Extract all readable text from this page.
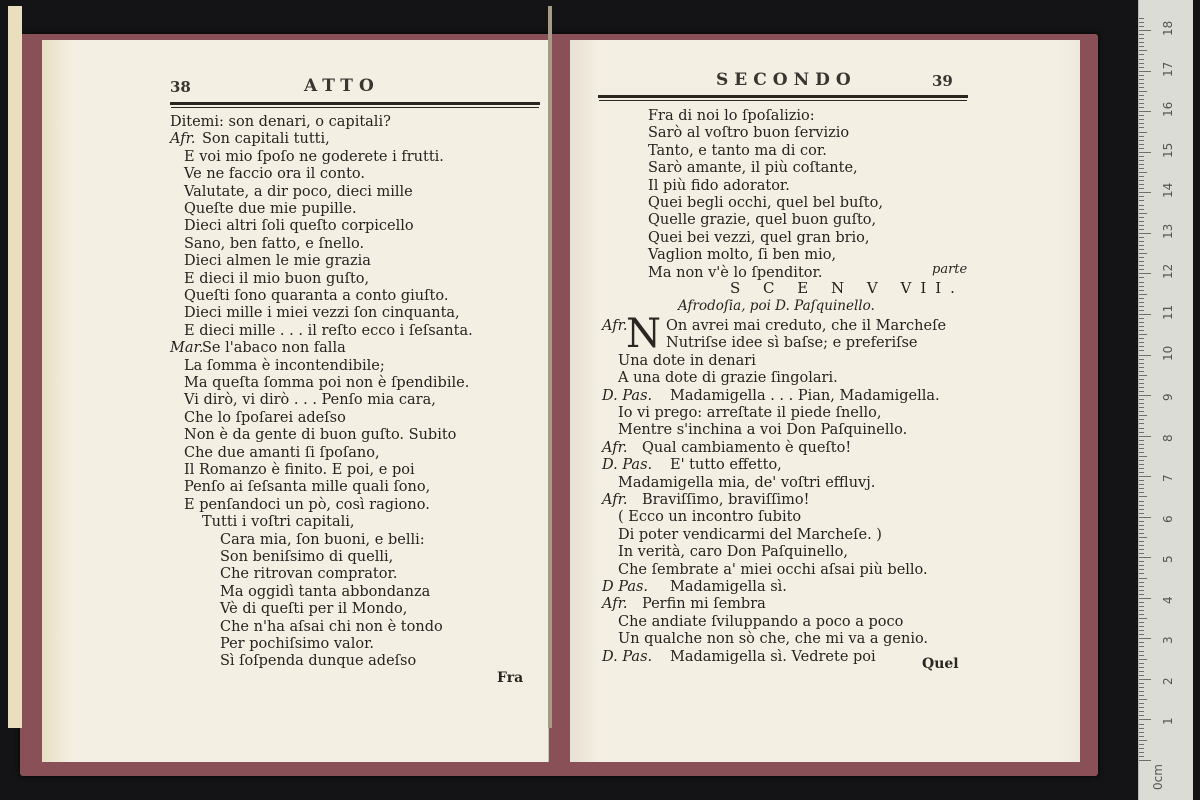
38	ATTO
Ditemi: son denari, o capitali?
Afr. Son capitali tutti,
E voi mio ſpoſo ne goderete i frutti.
Ve ne faccio ora il conto.
Valutate, a dir poco, dieci mille
Queſte due mie pupille.
Dieci altri ſoli queſto corpicello
Sano, ben fatto, e ſnello.
Dieci almen le mie grazia
E dieci il mio buon guſto,
Queſti ſono quaranta a conto giuſto.
Dieci mille i miei vezzi ſon cinquanta,
E dieci mille . . . il reſto ecco i ſeſsanta.
Mar.
Se l'abaco non falla
La ſomma è incontendibile;
Ma queſta ſomma poi non è ſpendibile.
Vi dirò, vi dirò . . . Penſo mia cara,
Che lo ſpoſarei adeſso
Non è da gente di buon guſto. Subito
Che due amanti ſi ſpoſano,
Il Romanzo è finito. E poi, e poi
Penſo ai ſeſsanta mille quali ſono,
E penſandoci un pò, così ragiono.
Tutti i voſtri capitali,
Cara mia, ſon buoni, e belli:
Son beniſsimo di quelli,
Che ritrovan comprator.
Ma oggidì tanta abbondanza
Vè di queſti per il Mondo,
Che n'ha aſsai chi non è tondo
Per pochiſsimo valor.
Sì ſoſpenda dunque adeſso
Fra
SECONDO	39
Fra di noi lo ſpoſalizio:
Sarò al voſtro buon ſervizio
Tanto, e tanto ma di cor.
Sarò amante, il più coſtante,
Il più fido adorator.
Quei begli occhi, quel bel buſto,
Quelle grazie, quel buon guſto,
Quei bei vezzi, quel gran brio,
Vaglion molto, ſi ben mio,
Ma non v'è lo ſpenditor.	parte
S C E N V VII.
Afrodoſia, poi D. Paſquinello.
N
Afr.	On avrei mai creduto, che il Marcheſe
Nutriſse idee sì baſse; e preferiſse
Una dote in denari
A una dote di grazie ſingolari.
D. Pas. Madamigella . . . Pian, Madamigella.
Io vi prego: arreſtate il piede ſnello,
Mentre s'inchina a voi Don Paſquinello.
Afr. Qual cambiamento è queſto!
D. Pas. E' tutto effetto,
Madamigella mia, de' voſtri effluvj.
Afr. Braviſſimo, braviſſimo!
( Ecco un incontro ſubito
Di poter vendicarmi del Marcheſe. )
In verità, caro Don Paſquinello,
Che ſembrate a' miei occhi aſsai più bello.
D Pas. Madamigella sì.
Afr. Perfin mi ſembra
Che andiate ſviluppando a poco a poco
Un qualche non sò che, che mi va a genio.
D. Pas. Madamigella sì. Vedrete poi	Quel
1
2
3
4
5
6
7
8
9
10
11
12
13
14
15
16
17
18
0cm
